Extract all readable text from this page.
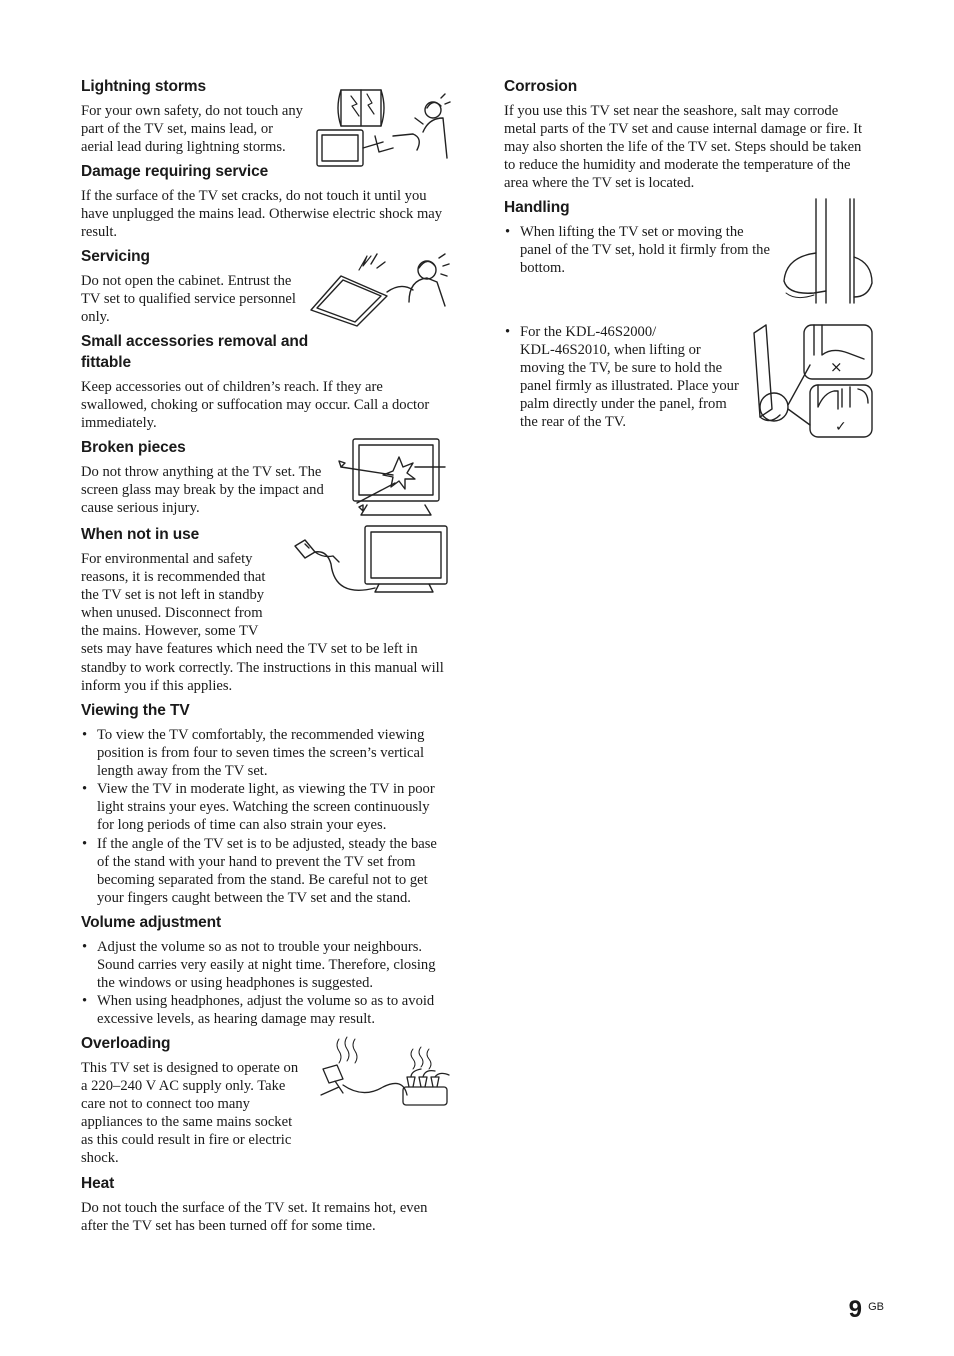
Lightning storms

For your own safety, do not touch any

part of the TV set, mains lead, or

aerial lead during lightning storms.

Damage requiring service

If the surface of the TV set cracks, do not touch it until you have unplugged the mains lead. Otherwise electric shock may result.

Servicing

Do not open the cabinet. Entrust the

TV set to qualified service personnel

only.

Small accessories removal and
fittable

Keep accessories out of children’s reach. If they are swallowed, choking or suffocation may occur. Call a doctor immediately.

Broken pieces

Do not throw anything at the TV set. The

screen glass may break by the impact and

cause serious injury.

When not in use

For environmental and safety

reasons, it is recommended that

the TV set is not left in standby

when unused. Disconnect from

the mains. However, some TV

sets may have features which need the TV set to be left in standby to work correctly. The instructions in this manual will inform you if this applies.

Viewing the TV
• To view the TV comfortably, the recommended viewing position is from four to seven times the screen’s vertical length away from the TV set.
• View the TV in moderate light, as viewing the TV in poor light strains your eyes. Watching the screen continuously for long periods of time can also strain your eyes.
• If the angle of the TV set is to be adjusted, steady the base of the stand with your hand to prevent the TV set from becoming separated from the stand. Be careful not to get your fingers caught between the TV set and the stand.
Volume adjustment
• Adjust the volume so as not to trouble your neighbours. Sound carries very easily at night time. Therefore, closing the windows or using headphones is suggested.
• When using headphones, adjust the volume so as to avoid excessive levels, as hearing damage may result.
Overloading

This TV set is designed to operate on

a 220–240 V AC supply only. Take

care not to connect too many

appliances to the same mains socket

as this could result in fire or electric

shock.

Heat

Do not touch the surface of the TV set. It remains hot, even after the TV set has been turned off for some time.

Corrosion

If you use this TV set near the seashore, salt may corrode metal parts of the TV set and cause internal damage or fire. It may also shorten the life of the TV set. Steps should be taken to reduce the humidity and moderate the temperature of the area where the TV set is located.

Handling
• When lifting the TV set or moving the
panel of the TV set, hold it firmly from the
bottom.
• For the KDL-46S2000/
KDL-46S2010, when lifting or
moving the TV, be sure to hold the
panel firmly as illustrated. Place your
palm directly under the panel, from
the rear of the TV.
×
✓
9 GB
